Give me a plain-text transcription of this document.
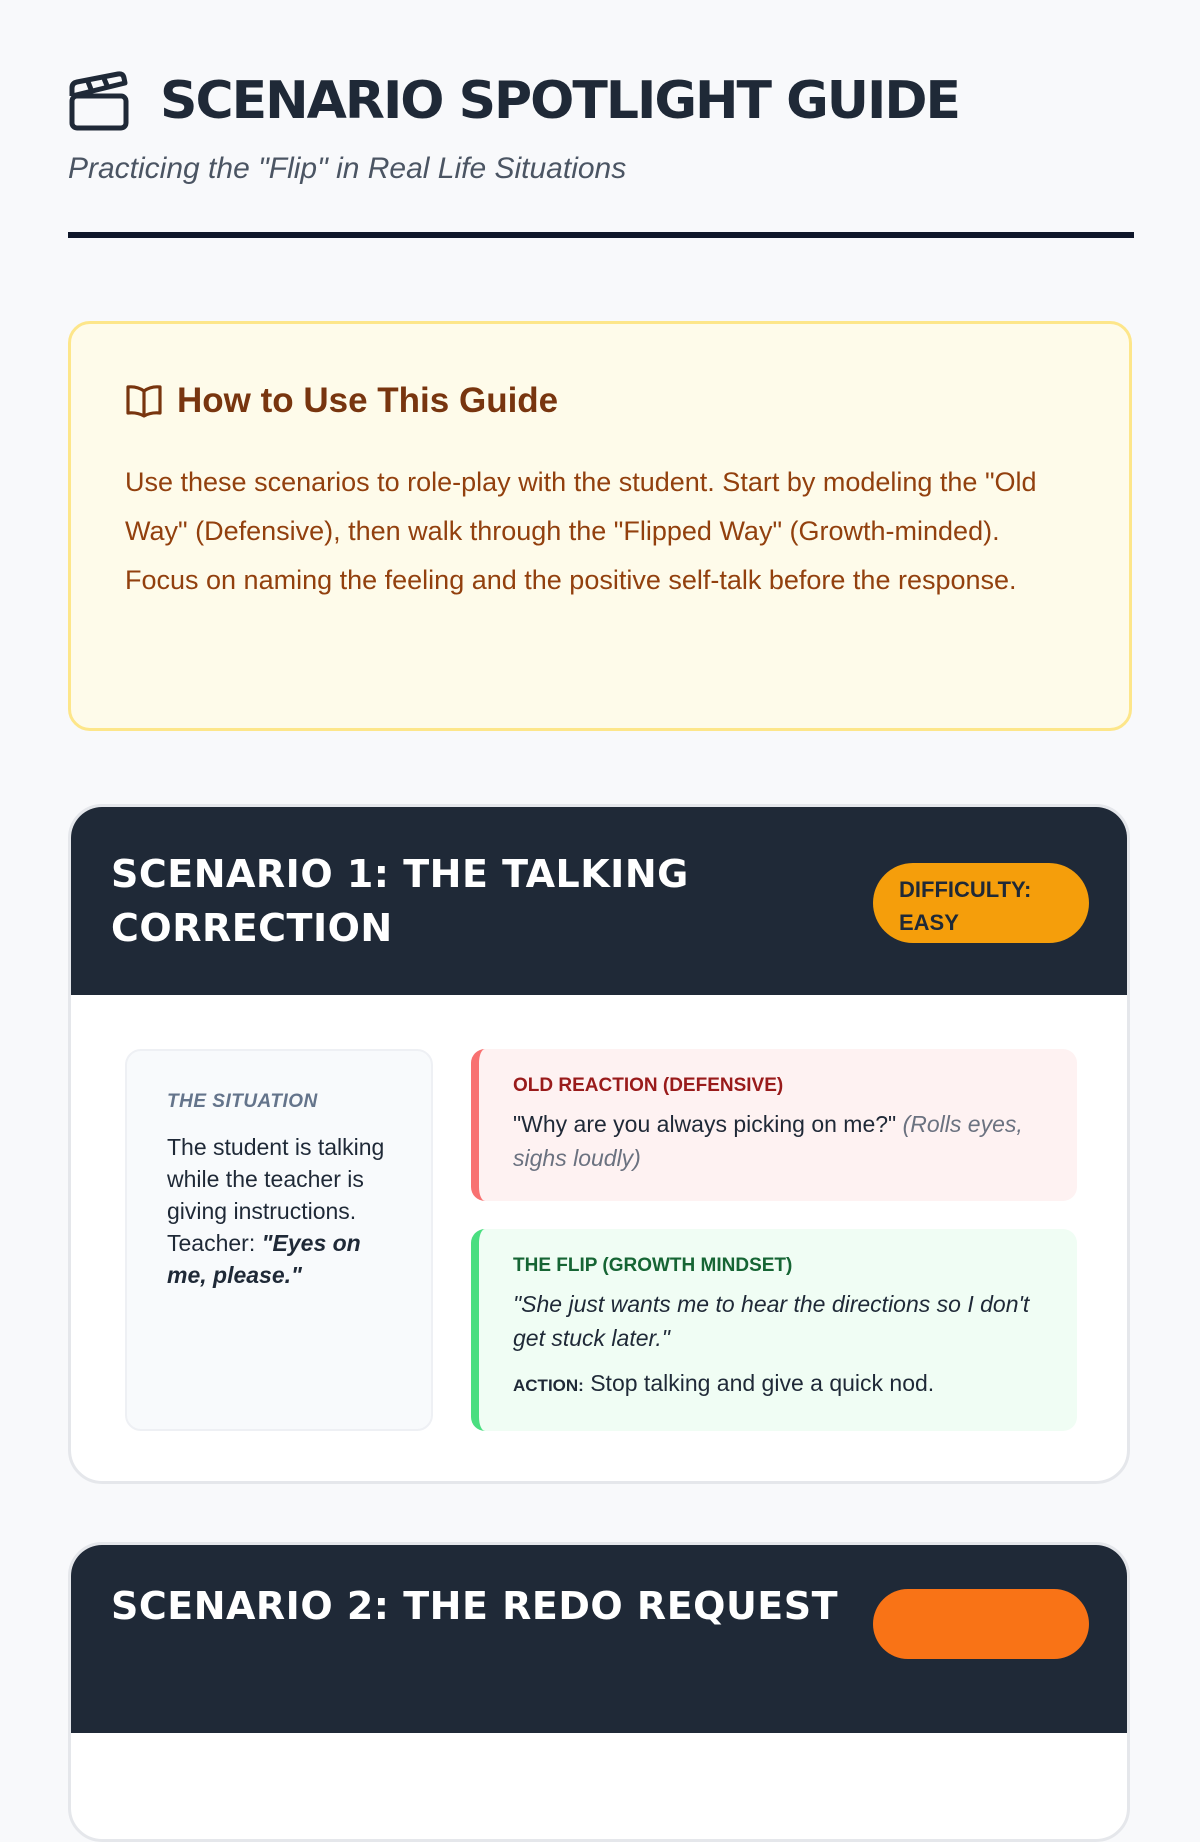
SCENARIO SPOTLIGHT GUIDE
Practicing the "Flip" in Real Life Situations
How to Use This Guide
Use these scenarios to role-play with the student. Start by modeling the "Old Way" (Defensive), then walk through the "Flipped Way" (Growth-minded). Focus on naming the feeling and the positive self-talk before the response.
SCENARIO 1: THE TALKING CORRECTION
DIFFICULTY: EASY
THE SITUATION
The student is talking while the teacher is giving instructions. Teacher: "Eyes on me, please."
OLD REACTION (DEFENSIVE)
"Why are you always picking on me?" (Rolls eyes, sighs loudly)
THE FLIP (GROWTH MINDSET)
"She just wants me to hear the directions so I don't get stuck later."
ACTION: Stop talking and give a quick nod.
SCENARIO 2: THE REDO REQUEST
